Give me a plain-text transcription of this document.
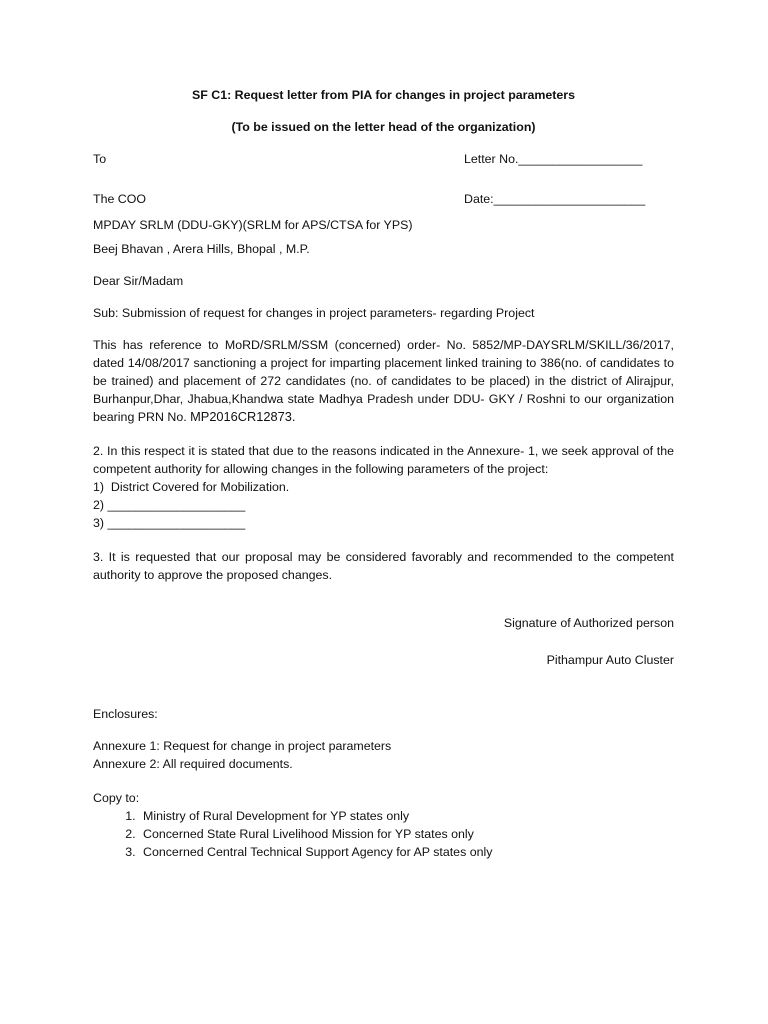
SF C1: Request letter from PIA for changes in project parameters

(To be issued on the letter head of the organization)

To	Letter No.__________________
The COO	Date:______________________

MPDAY SRLM (DDU-GKY)(SRLM for APS/CTSA for YPS)

Beej Bhavan , Arera Hills, Bhopal , M.P.

Dear Sir/Madam

Sub: Submission of request for changes in project parameters- regarding Project

This has reference to MoRD/SRLM/SSM (concerned) order- No. 5852/MP-DAYSRLM/SKILL/36/2017, dated 14/08/2017 sanctioning a project for imparting placement linked training to 386(no. of candidates to be trained) and placement of 272 candidates (no. of candidates to be placed) in the district of Alirajpur, Burhanpur,Dhar, Jhabua,Khandwa state Madhya Pradesh under DDU- GKY / Roshni to our organization bearing PRN No. MP2016CR12873.

2. In this respect it is stated that due to the reasons indicated in the Annexure- 1, we seek approval of the competent authority for allowing changes in the following parameters of the project:

1)  District Covered for Mobilization.
2) ____________________
3) ____________________

3. It is requested that our proposal may be considered favorably and recommended to the competent authority to approve the proposed changes.

Signature of Authorized person

Pithampur Auto Cluster

Enclosures:

Annexure 1: Request for change in project parameters

Annexure 2: All required documents.

Copy to:

1. Ministry of Rural Development for YP states only
2. Concerned State Rural Livelihood Mission for YP states only
3. Concerned Central Technical Support Agency for AP states only
